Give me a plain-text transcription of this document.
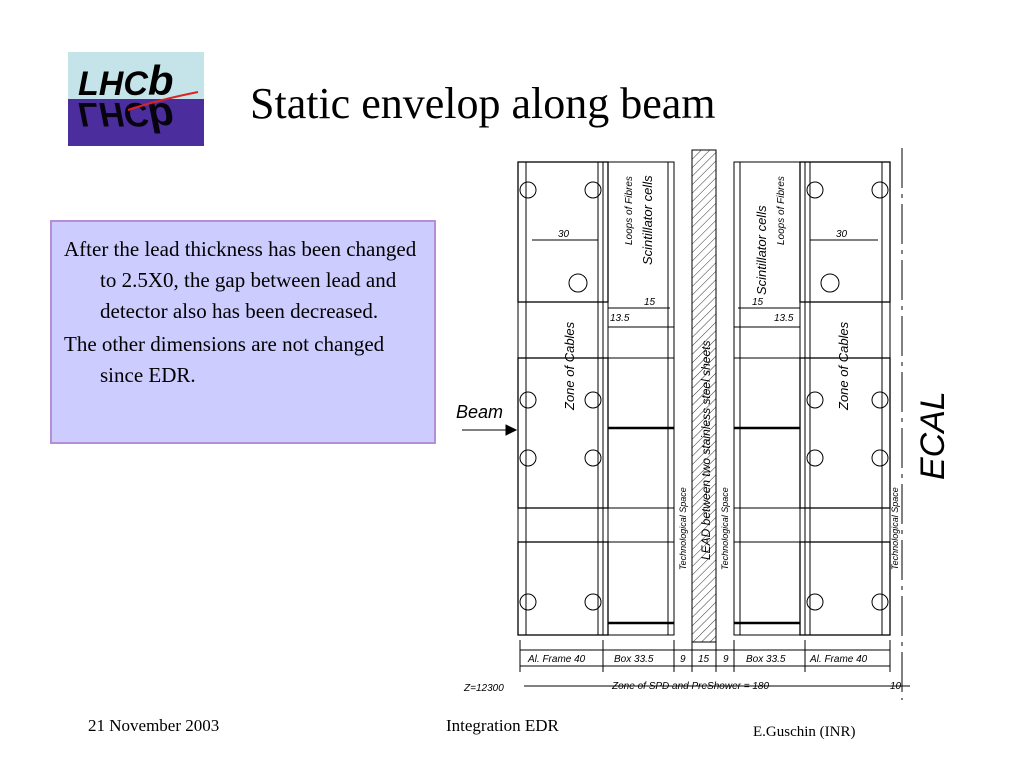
LHCb
LHCb Static envelop along beam

After the lead thickness has been changed to 2.5X0, the gap between lead and detector also has been decreased.

The other dimensions are not changed since EDR.

Beam	ECAL
Zone of Cables	Zone of Cables
Loops of Fibres	Loops of Fibres
Scintillator cells	Scintillator cells
LEAD between two stainless steel sheets
Technological Space	Technological Space	Technological Space
30	30
15	15
13.5	13.5
Al. Frame 40	Box 33.5	9 15 9 Box 33.5 Al. Frame 40
Z=12300	Zone of SPD and PreShower = 180	10
21 November 2003	Integration EDR	E.Guschin (INR)
